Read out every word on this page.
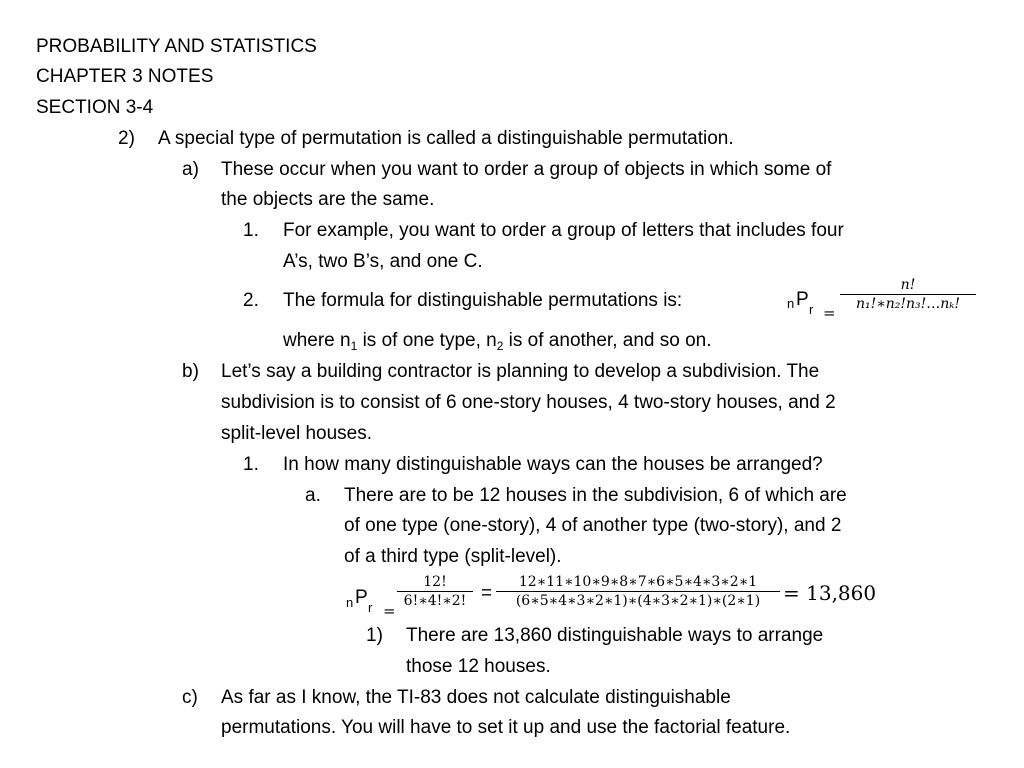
PROBABILITY AND STATISTICS
CHAPTER 3 NOTES
SECTION 3-4
2) A special type of permutation is called a distinguishable permutation.
a) These occur when you want to order a group of objects in which some of
the objects are the same.
1. For example, you want to order a group of letters that includes four
A’s, two B’s, and one C.
2. The formula for distinguishable permutations is:	n P r =
n!
n₁!∗n₂!n₃!…nₖ!
where $n_1$ is of one type, $n_2$ is of another, and so on.
b) Let’s say a building contractor is planning to develop a subdivision. The
subdivision is to consist of 6 one-story houses, 4 two-story houses, and 2
split-level houses.
1. In how many distinguishable ways can the houses be arranged?
a. There are to be 12 houses in the subdivision, 6 of which are
of one type (one-story), 4 of another type (two-story), and 2
of a third type (split-level).
n P r =
12!
6!∗4!∗2! =
12∗11∗10∗9∗8∗7∗6∗5∗4∗3∗2∗1
(6∗5∗4∗3∗2∗1)∗(4∗3∗2∗1)∗(2∗1)	= 13,860
1) There are 13,860 distinguishable ways to arrange
those 12 houses.
c) As far as I know, the TI-83 does not calculate distinguishable
permutations. You will have to set it up and use the factorial feature.
